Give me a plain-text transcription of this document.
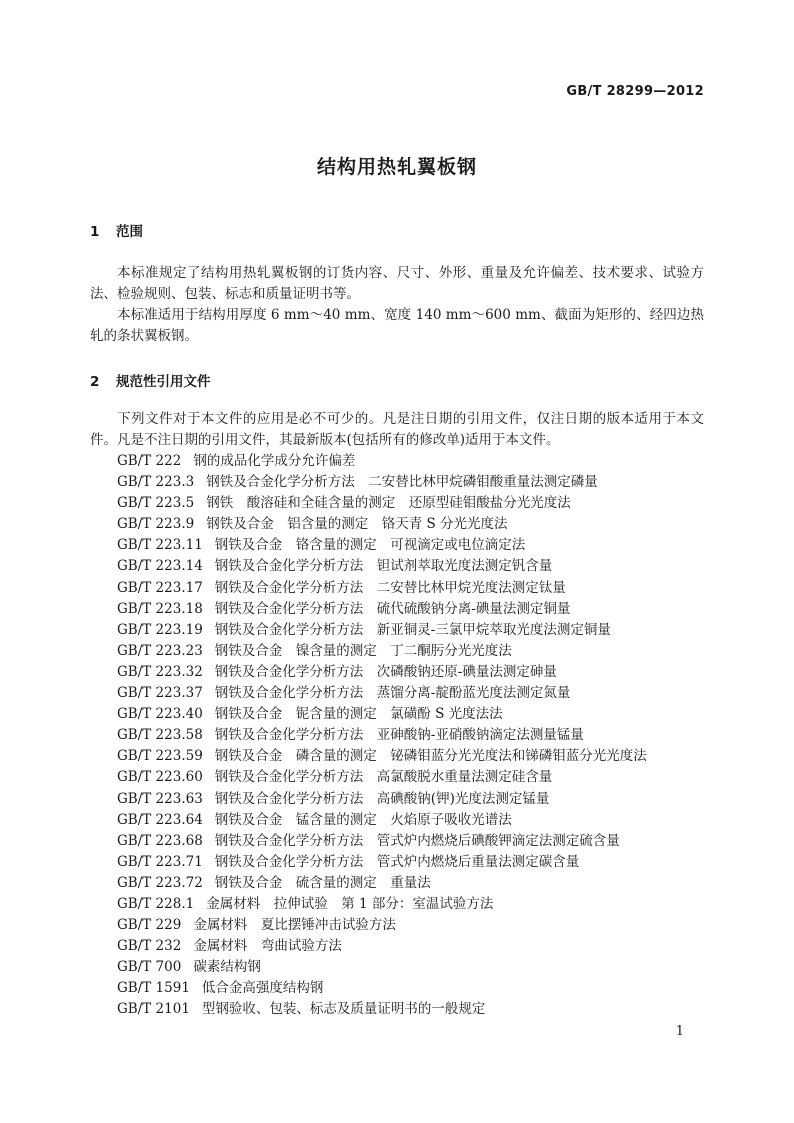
GB/T 28299—2012
结构用热轧翼板钢
1 范围

本标准规定了结构用热轧翼板钢的订货内容、尺寸、外形、重量及允许偏差、技术要求、试验方法、检验规则、包装、标志和质量证明书等。

本标准适用于结构用厚度 6 mm～40 mm、宽度 140 mm～600 mm、截面为矩形的、经四边热轧的条状翼板钢。

2 规范性引用文件

下列文件对于本文件的应用是必不可少的。凡是注日期的引用文件，仅注日期的版本适用于本文件。凡是不注日期的引用文件，其最新版本(包括所有的修改单)适用于本文件。

GB/T 222 钢的成品化学成分允许偏差
GB/T 223.3 钢铁及合金化学分析方法　二安替比林甲烷磷钼酸重量法测定磷量
GB/T 223.5 钢铁　酸溶硅和全硅含量的测定　还原型硅钼酸盐分光光度法
GB/T 223.9 钢铁及合金　铝含量的测定　铬天青 S 分光光度法
GB/T 223.11 钢铁及合金　铬含量的测定　可视滴定或电位滴定法
GB/T 223.14 钢铁及合金化学分析方法　钽试剂萃取光度法测定钒含量
GB/T 223.17 钢铁及合金化学分析方法　二安替比林甲烷光度法测定钛量
GB/T 223.18 钢铁及合金化学分析方法　硫代硫酸钠分离-碘量法测定铜量
GB/T 223.19 钢铁及合金化学分析方法　新亚铜灵-三氯甲烷萃取光度法测定铜量
GB/T 223.23 钢铁及合金　镍含量的测定　丁二酮肟分光光度法
GB/T 223.32 钢铁及合金化学分析方法　次磷酸钠还原-碘量法测定砷量
GB/T 223.37 钢铁及合金化学分析方法　蒸馏分离-靛酚蓝光度法测定氮量
GB/T 223.40 钢铁及合金　铌含量的测定　氯磺酚 S 光度法法
GB/T 223.58 钢铁及合金化学分析方法　亚砷酸钠-亚硝酸钠滴定法测量锰量
GB/T 223.59 钢铁及合金　磷含量的测定　铋磷钼蓝分光光度法和锑磷钼蓝分光光度法
GB/T 223.60 钢铁及合金化学分析方法　高氯酸脱水重量法测定硅含量
GB/T 223.63 钢铁及合金化学分析方法　高碘酸钠(钾)光度法测定锰量
GB/T 223.64 钢铁及合金　锰含量的测定　火焰原子吸收光谱法
GB/T 223.68 钢铁及合金化学分析方法　管式炉内燃烧后碘酸钾滴定法测定硫含量
GB/T 223.71 钢铁及合金化学分析方法　管式炉内燃烧后重量法测定碳含量
GB/T 223.72 钢铁及合金　硫含量的测定　重量法
GB/T 228.1 金属材料　拉伸试验　第 1 部分：室温试验方法
GB/T 229 金属材料　夏比摆锤冲击试验方法
GB/T 232 金属材料　弯曲试验方法
GB/T 700 碳素结构钢
GB/T 1591 低合金高强度结构钢
GB/T 2101 型钢验收、包装、标志及质量证明书的一般规定
1
